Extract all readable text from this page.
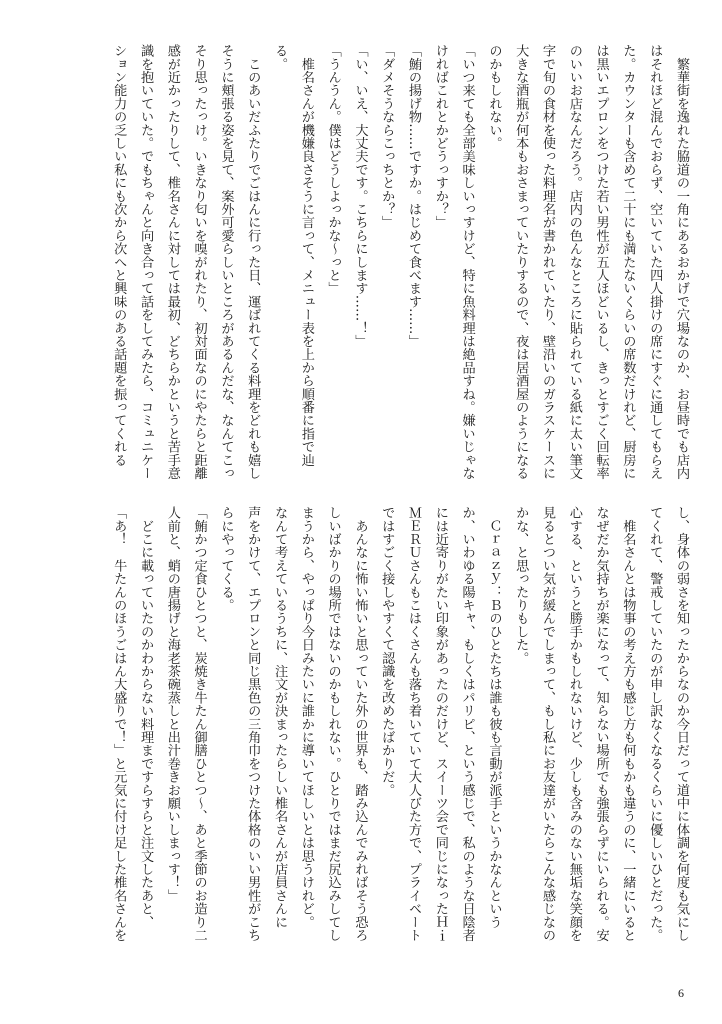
　繁華街を逸れた脇道の一角にあるおかげで穴場なのか、お昼時でも店内
はそれほど混んでおらず、空いていた四人掛けの席にすぐに通してもらえ
た。カウンターも含めて二十にも満たないくらいの席数だけれど、厨房に
は黒いエプロンをつけた若い男性が五人ほどいるし、きっとすごく回転率
のいいお店なんだろう。店内の色んなところに貼られている紙に太い筆文
字で旬の食材を使った料理名が書かれていたり、壁沿いのガラスケースに
大きな酒瓶が何本もおさまっていたりするので、夜は居酒屋のようになる
のかもしれない。
「いつ来ても全部美味しいっすけど、特に魚料理は絶品すね。嫌いじゃな
ければこれとかどうっすか？」
「鮪の揚げ物……ですか。はじめて食べます……」
「ダメそうならこっちとか？」
「い、いえ、大丈夫です。こちらにします……！」
「うんうん。僕はどうしよっかな～っと」
　椎名さんが機嫌良さそうに言って、メニュー表を上から順番に指で辿
る。
　このあいだふたりでごはんに行った日、運ばれてくる料理をどれも嬉し
そうに頬張る姿を見て、案外可愛らしいところがあるんだな、なんてこっ
そり思ったっけ。いきなり匂いを嗅がれたり、初対面なのにやたらと距離
感が近かったりして、椎名さんに対しては最初、どちらかというと苦手意
識を抱いていた。でもちゃんと向き合って話をしてみたら、コミュニケー
ション能力の乏しい私にも次から次へと興味のある話題を振ってくれる
し、身体の弱さを知ったからなのか今日だって道中に体調を何度も気にし
てくれて、警戒していたのが申し訳なくなるくらいに優しいひとだった。
　椎名さんとは物事の考え方も感じ方も何もかも違うのに、一緒にいると
なぜだか気持ちが楽になって、知らない場所でも強張らずにいられる。安
心する、というと勝手かもしれないけど、少しも含みのない無垢な笑顔を
見るとつい気が緩んでしまって、もし私にお友達がいたらこんな感じなの
かな、と思ったりもした。
　Ｃｒａｚｙ：Ｂのひとたちは誰も彼も言動が派手というかなんという
か、いわゆる陽キャ、もしくはパリピ、という感じで、私のような日陰者
には近寄りがたい印象があったのだけど、スイーツ会で同じになったＨｉ
ＭＥＲＵさんもこはくさんも落ち着いていて大人びた方で、プライベート
ではすごく接しやすくて認識を改めたばかりだ。
　あんなに怖い怖いと思っていた外の世界も、踏み込んでみればそう恐ろ
しいばかりの場所ではないのかもしれない。ひとりではまだ尻込みしてし
まうから、やっぱり今日みたいに誰かに導いてほしいとは思うけれど。
なんて考えているうちに、注文が決まったらしい椎名さんが店員さんに
声をかけて、エプロンと同じ黒色の三角巾をつけた体格のいい男性がこち
らにやってくる。
「鮪かつ定食ひとつと、炭焼き牛たん御膳ひとつ～、あと季節のお造り二
人前と、蛸の唐揚げと海老茶碗蒸しと出汁巻きお願いしまっす！」
　どこに載っていたのかわからない料理まですらすらと注文したあと、
「あ！　牛たんのほうごはん大盛りで！」と元気に付け足した椎名さんを
6
